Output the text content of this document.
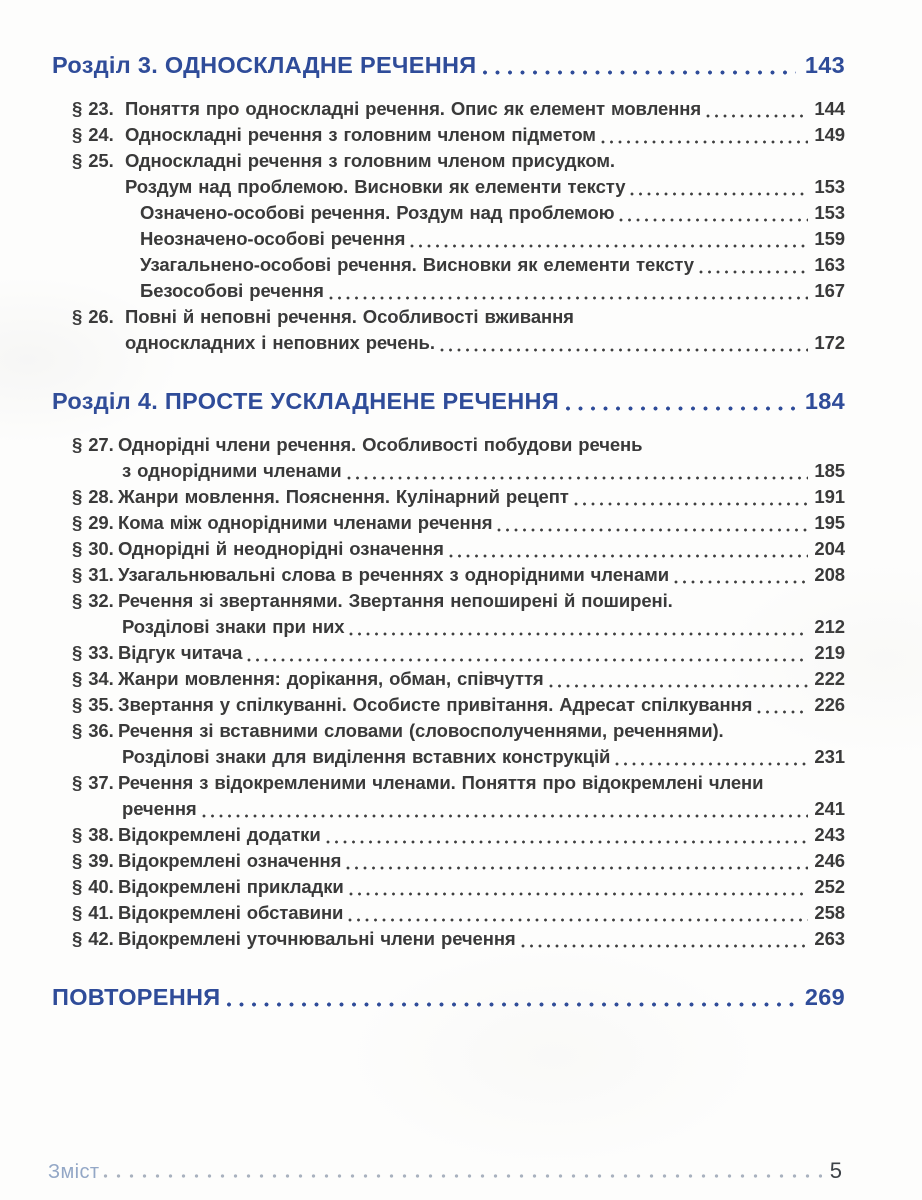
Розділ 3. ОДНОСКЛАДНЕ РЕЧЕННЯ	143
§ 23. Поняття про односкладні речення. Опис як елемент мовлення	144
§ 24. Односкладні речення з головним членом підметом	149
§ 25. Односкладні речення з головним членом присудком.
Роздум над проблемою. Висновки як елементи тексту	153
Означено-особові речення. Роздум над проблемою	153
Неозначено-особові речення	159
Узагальнено-особові речення. Висновки як елементи тексту	163
Безособові речення	167
§ 26. Повні й неповні речення. Особливості вживання
односкладних і неповних речень.	172
Розділ 4. ПРОСТЕ УСКЛАДНЕНЕ РЕЧЕННЯ	184
§ 27. Однорідні члени речення. Особливості побудови речень
з однорідними членами	185
§ 28. Жанри мовлення. Пояснення. Кулінарний рецепт	191
§ 29. Кома між однорідними членами речення	195
§ 30. Однорідні й неоднорідні означення	204
§ 31. Узагальнювальні слова в реченнях з однорідними членами	208
§ 32. Речення зі звертаннями. Звертання непоширені й поширені.
Розділові знаки при них	212
§ 33. Відгук читача	219
§ 34. Жанри мовлення: дорікання, обман, співчуття	222
§ 35. Звертання у спілкуванні. Особисте привітання. Адресат спілкування	226
§ 36. Речення зі вставними словами (словосполученнями, реченнями).
Розділові знаки для виділення вставних конструкцій	231
§ 37. Речення з відокремленими членами. Поняття про відокремлені члени
речення	241
§ 38. Відокремлені додатки	243
§ 39. Відокремлені означення	246
§ 40. Відокремлені прикладки	252
§ 41. Відокремлені обставини	258
§ 42. Відокремлені уточнювальні члени речення	263
ПОВТОРЕННЯ	269
Зміст	5
